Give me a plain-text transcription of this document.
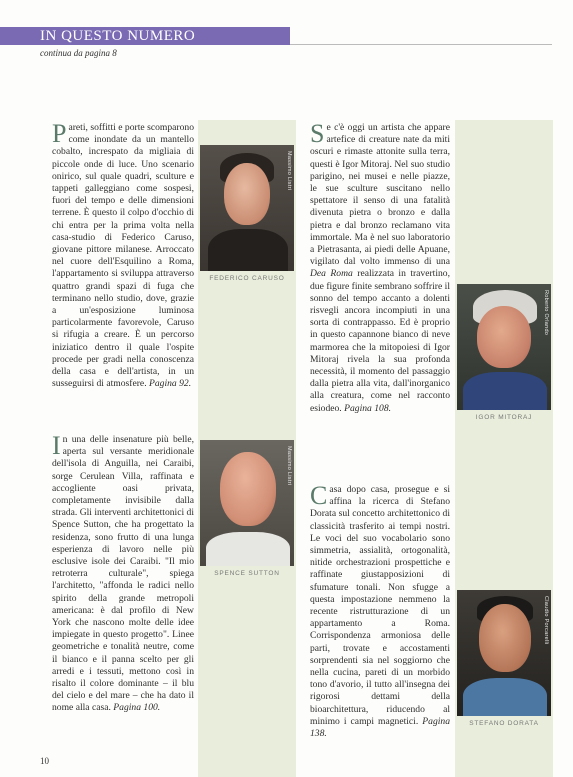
IN QUESTO NUMERO
continua da pagina 8
Pareti, soffitti e porte scomparono come inondate da un mantello cobalto, increspato da migliaia di piccole onde di luce. Uno scenario onirico, sul quale quadri, sculture e tappeti galleggiano come sospesi, fuori del tempo e delle dimensioni terrene. È questo il colpo d'occhio di chi entra per la prima volta nella casa-studio di Federico Caruso, giovane pittore milanese. Arroccato nel cuore dell'Esquilino a Roma, l'appartamento si sviluppa attraverso quattro grandi spazi di fuga che terminano nello studio, dove, grazie a un'esposizione luminosa particolarmente favorevole, Caruso si rifugia a creare. È un percorso iniziatico dentro il quale l'ospite procede per gradi nella conoscenza della casa e dell'artista, in un susseguirsi di atmosfere. Pagina 92.
In una delle insenature più belle, aperta sul versante meridionale dell'isola di Anguilla, nei Caraibi, sorge Cerulean Villa, raffinata e accogliente oasi privata, completamente invisibile dalla strada. Gli interventi architettonici di Spence Sutton, che ha progettato la residenza, sono frutto di una lunga esperienza di lavoro nelle più esclusive isole dei Caraibi. "Il mio retroterra culturale", spiega l'architetto, "affonda le radici nello spirito della grande metropoli americana: è dal profilo di New York che nascono molte delle idee impiegate in questo progetto". Linee geometriche e tonalità neutre, come il bianco e il panna scelto per gli arredi e i tessuti, mettono così in risalto il colore dominante – il blu del cielo e del mare – che ha dato il nome alla casa. Pagina 100.
Se c'è oggi un artista che appare artefice di creature nate da miti oscuri e rimaste attonite sulla terra, questi è Igor Mitoraj. Nel suo studio parigino, nei musei e nelle piazze, le sue sculture suscitano nello spettatore il senso di una fatalità divenuta pietra o bronzo e dalla pietra e dal bronzo reclamano vita immortale. Ma è nel suo laboratorio a Pietrasanta, ai piedi delle Apuane, vigilato dal volto immenso di una Dea Roma realizzata in travertino, due figure finite sembrano soffrire il sonno del tempo accanto a dolenti risvegli ancora incompiuti in una sorta di contrappasso. Ed è proprio in questo capannone bianco di neve marmorea che la mitopoiesi di Igor Mitoraj rivela la sua profonda necessità, il momento del passaggio dalla pietra alla vita, dall'inorganico alla creatura, come nel racconto esiodeo. Pagina 108.
Casa dopo casa, prosegue e si affina la ricerca di Stefano Dorata sul concetto architettonico di classicità trasferito ai tempi nostri. Le voci del suo vocabolario sono simmetria, assialità, ortogonalità, nitide orchestrazioni prospettiche e raffinate giustapposizioni di sfumature tonali. Non sfugge a questa impostazione nemmeno la recente ristrutturazione di un appartamento a Roma. Corrispondenza armoniosa delle parti, trovate e accostamenti sorprendenti sia nel soggiorno che nella cucina, pareti di un morbido tono d'avorio, il tutto all'insegna dei rigorosi dettami della bioarchitettura, riducendo al minimo i campi magnetici. Pagina 138.
Massimo Listri
FEDERICO CARUSO
Massimo Listri
SPENCE SUTTON
Roberto Orlando
IGOR MITORAJ
Claudio Porcarelli
STEFANO DORATA
10
